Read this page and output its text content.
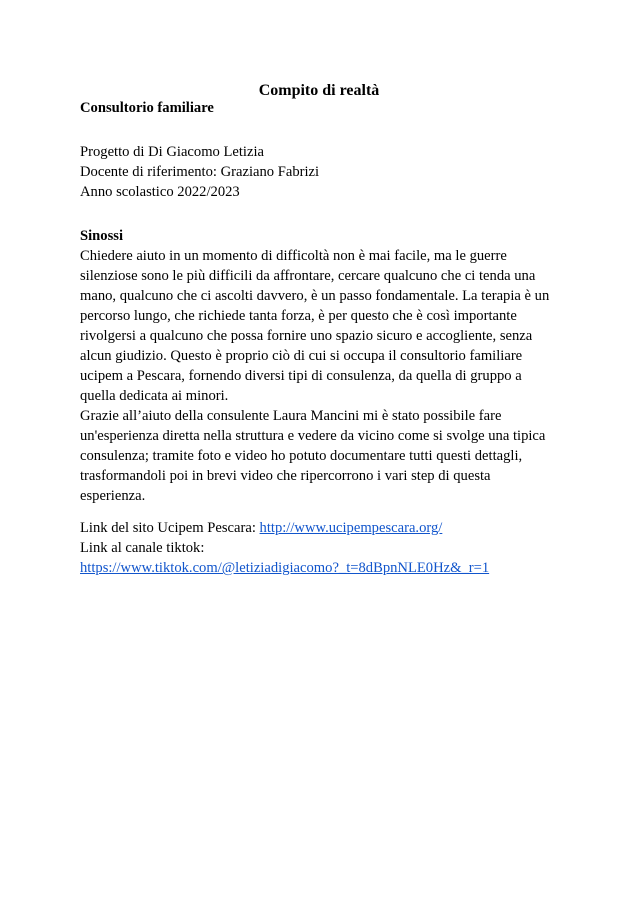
Compito di realtà

Consultorio familiare

Progetto di Di Giacomo Letizia

Docente di riferimento: Graziano Fabrizi

Anno scolastico 2022/2023

Sinossi

Chiedere aiuto in un momento di difficoltà non è mai facile, ma le guerre
silenziose sono le più difficili da affrontare, cercare qualcuno che ci tenda una
mano, qualcuno che ci ascolti davvero, è un passo fondamentale. La terapia è un
percorso lungo, che richiede tanta forza, è per questo che è così importante
rivolgersi a qualcuno che possa fornire uno spazio sicuro e accogliente, senza
alcun giudizio. Questo è proprio ciò di cui si occupa il consultorio familiare
ucipem a Pescara, fornendo diversi tipi di consulenza, da quella di gruppo a
quella dedicata ai minori.
Grazie all’aiuto della consulente Laura Mancini mi è stato possibile fare
un'esperienza diretta nella struttura e vedere da vicino come si svolge una tipica
consulenza; tramite foto e video ho potuto documentare tutti questi dettagli,
trasformandoli poi in brevi video che ripercorrono i vari step di questa
esperienza.

Link del sito Ucipem Pescara: http://www.ucipempescara.org/

Link al canale tiktok:

https://www.tiktok.com/@letiziadigiacomo?_t=8dBpnNLE0Hz&_r=1
